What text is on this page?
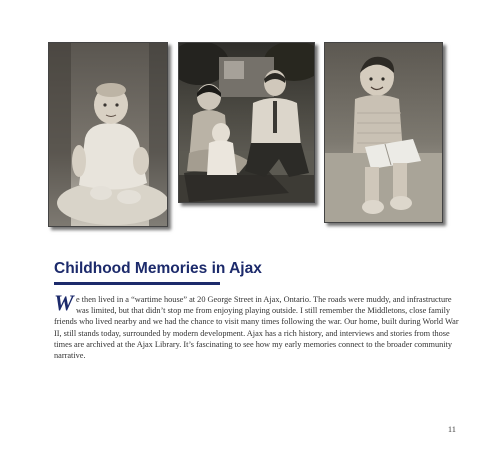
Childhood Memories in Ajax
W e then lived in a “wartime house” at 20 George Street in Ajax, Ontario. The roads were muddy, and infrastructure
was limited, but that didn’t stop me from enjoying playing outside. I still remember the Middletons, close family
friends who lived nearby and we had the chance to visit many times following the war. Our home, built during World War
II, still stands today, surrounded by modern development. Ajax has a rich history, and interviews and stories from those
times are archived at the Ajax Library. It’s fascinating to see how my early memories connect to the broader community
narrative.

11
